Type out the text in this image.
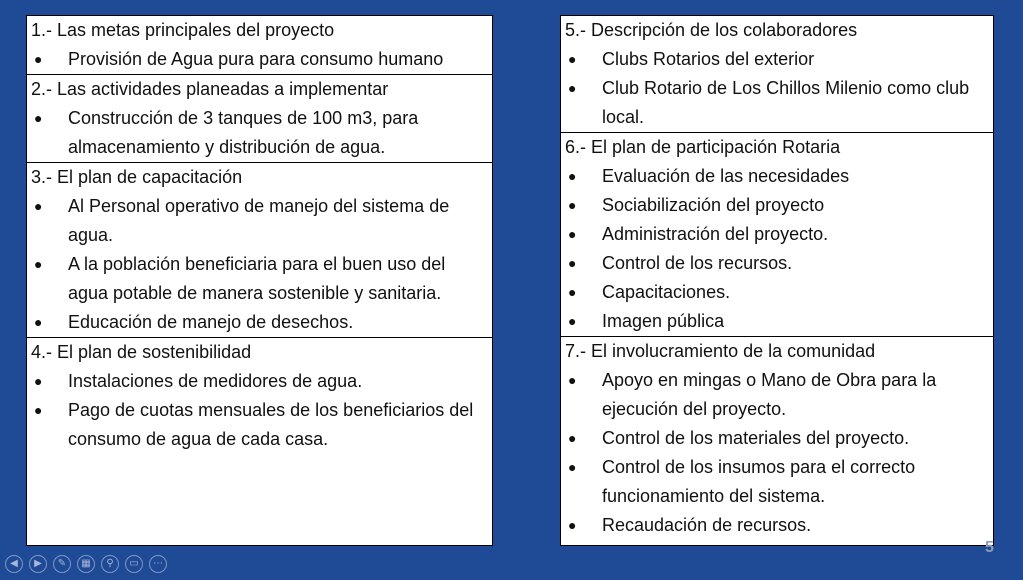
1.- Las metas principales del proyecto
●	Provisión de Agua pura para consumo humano
2.- Las actividades planeadas a implementar
●	Construcción de 3 tanques de 100 m3, para almacenamiento y distribución de agua.
3.- El plan de capacitación
●	Al Personal operativo de manejo del sistema de agua.
●	A la población beneficiaria para el buen uso del agua potable de manera sostenible y sanitaria.
●	Educación de manejo de desechos.
4.- El plan de sostenibilidad
●	Instalaciones de medidores de agua.
●	Pago de cuotas mensuales de los beneficiarios del consumo de agua de cada casa.
5.- Descripción de los colaboradores
●	Clubs Rotarios del exterior
●	Club Rotario de Los Chillos Milenio como club local.
6.- El plan de participación Rotaria
●	Evaluación de las necesidades
●	Sociabilización del proyecto
●	Administración del proyecto.
●	Control de los recursos.
●	Capacitaciones.
●	Imagen pública
7.- El involucramiento de la comunidad
●	Apoyo en mingas o Mano de Obra para la ejecución del proyecto.
●	Control de los materiales del proyecto.
●	Control de los insumos para el correcto funcionamiento del sistema.
●	Recaudación de recursos.
5
◀	▶	✎	▦	⚲	▭	⋯
